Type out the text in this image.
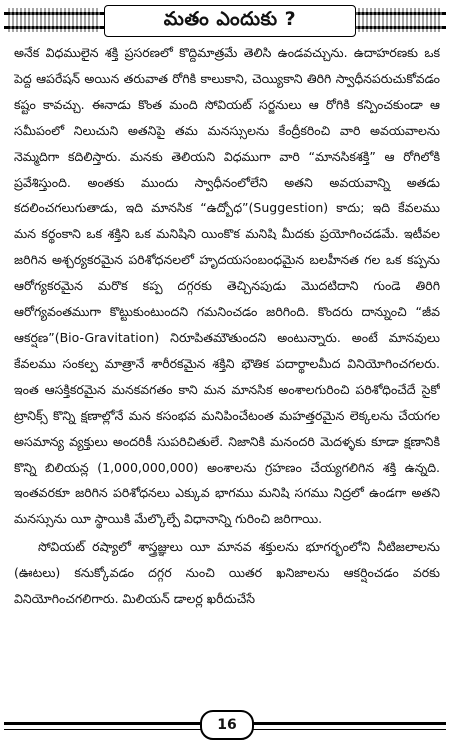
మతం ఎందుకు ?

అనేక విధములైన శక్తి ప్రసరణలో కొద్దిమాత్రమే తెలిసి ఉండవచ్చును. ఉదాహరణకు ఒక పెద్ద ఆపరేషన్ అయిన తరువాత రోగికి కాలుకాని, చెయ్యికాని తిరిగి స్వాధీనపరుచుకోవడం కష్టం కావచ్చు. ఈనాడు కొంత మంది సోవియట్ సర్జనులు ఆ రోగికి కన్పించకుండా ఆ సమీపంలో నిలుచుని అతనిపై తమ మనస్సులను కేంద్రీకరించి వారి అవయవాలను నెమ్మదిగా కదిలిస్తారు. మనకు తెలియని విధముగా వారి “మానసికశక్తి” ఆ రోగిలోకి ప్రవేశిస్తుంది. అంతకు ముందు స్వాధీనంలోలేని అతని అవయవాన్ని అతడు కదలించగలుగుతాడు, ఇది మానసిక “ఉద్బోధ”(Suggestion) కాదు; ఇది కేవలము మన కర్థంకాని ఒక శక్తిని ఒక మనిషిని యింకొక మనిషి మీదకు ప్రయోగించడమే. ఇటీవల జరిగిన అశ్చర్యకరమైన పరిశోధనలలో హృదయసంబంధమైన బలహీనత గల ఒక కప్పను ఆరోగ్యకరమైన మరొక కప్ప దగ్గరకు తెచ్చినపుడు మొదటిదాని గుండె తిరిగి ఆరోగ్యవంతముగా కొట్టుకుంటుందని గమనించడం జరిగింది. కొందరు దాన్నుంచి “జీవ ఆకర్షణ”(Bio-Gravitation) నిరూపితమౌతుందని అంటున్నారు. అంటే మానవులు కేవలము సంకల్ప మాత్రానే శారీరకమైన శక్తిని భౌతిక పదార్థాలమీద వినియోగించగలరు. ఇంత ఆసక్తికరమైన మనకవగతం కాని మన మానసిక అంశాలగురించి పరిశోధించేదే సైకో ట్రానిక్స్ కొన్ని క్షణాల్లోనే మన కసంభవ మనిపించేటంత మహత్తరమైన లెక్కలను చేయగల అసమాన్య వ్యక్తులు అందరికీ సుపరిచితులే. నిజానికి మనందరి మెదళ్ళకు కూడా క్షణానికి కొన్ని బిలియన్ల (1,000,000,000) అంశాలను గ్రహణం చేయ్యగలిగిన శక్తి ఉన్నది. ఇంతవరకూ జరిగిన పరిశోధనలు ఎక్కువ భాగము మనిషి సగము నిద్రలో ఉండగా అతని మనస్సును యీ స్థాయికి మేల్కొల్పే విధానాన్ని గురించి జరిగాయి.

సోవియట్ రష్యాలో శాస్త్రజ్ఞులు యీ మానవ శక్తులను భూగర్భంలోని నీటిజలాలను (ఊటలు) కనుక్కోవడం దగ్గర నుంచి యితర ఖనిజాలను ఆకర్షించడం వరకు వినియోగించగలిగారు. మిలియన్ డాలర్ల ఖరీదుచేసే

16
